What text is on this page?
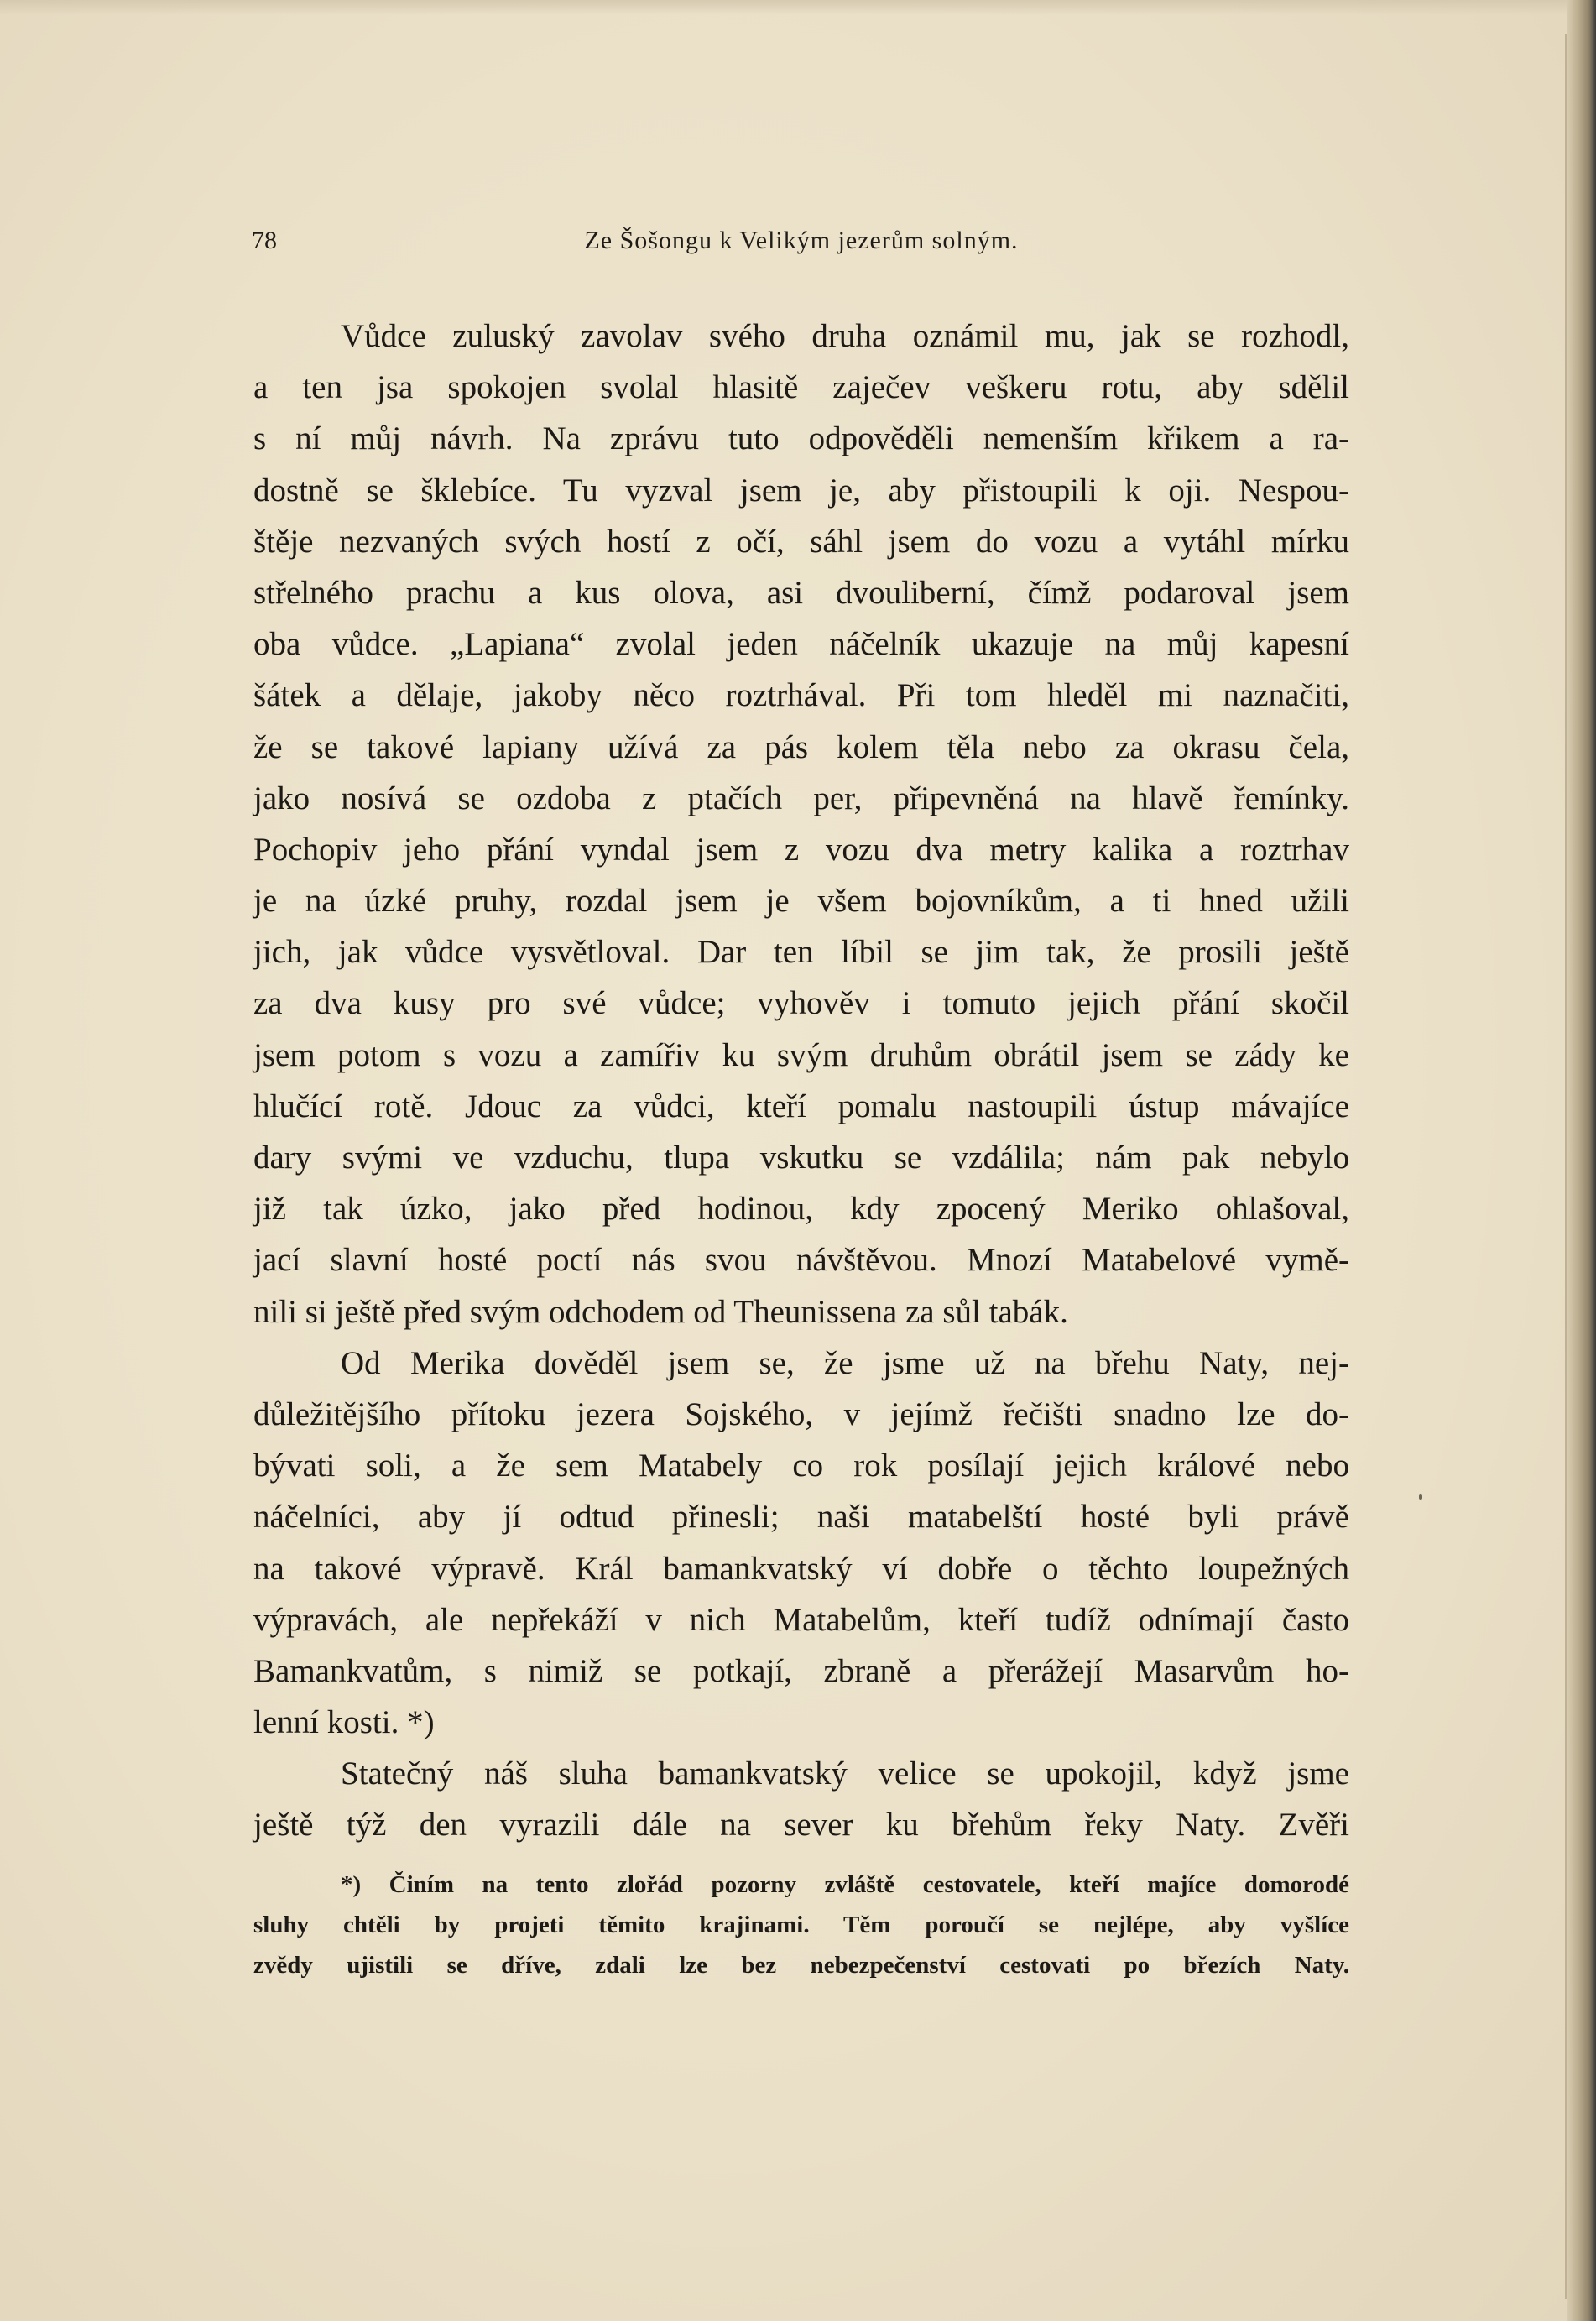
78	Ze Šošongu k Velikým jezerům solným.
Vůdce zuluský zavolav svého druha oznámil mu, jak se rozhodl,
a ten jsa spokojen svolal hlasitě zaječev veškeru rotu, aby sdělil
s ní můj návrh. Na zprávu tuto odpověděli nemenším křikem a ra-
dostně se šklebíce. Tu vyzval jsem je, aby přistoupili k oji. Nespou-
štěje nezvaných svých hostí z očí, sáhl jsem do vozu a vytáhl mírku
střelného prachu a kus olova, asi dvouliberní, čímž podaroval jsem
oba vůdce. „Lapiana“ zvolal jeden náčelník ukazuje na můj kapesní
šátek a dělaje, jakoby něco roztrhával. Při tom hleděl mi naznačiti,
že se takové lapiany užívá za pás kolem těla nebo za okrasu čela,
jako nosívá se ozdoba z ptačích per, připevněná na hlavě řemínky.
Pochopiv jeho přání vyndal jsem z vozu dva metry kalika a roztrhav
je na úzké pruhy, rozdal jsem je všem bojovníkům, a ti hned užili
jich, jak vůdce vysvětloval. Dar ten líbil se jim tak, že prosili ještě
za dva kusy pro své vůdce; vyhověv i tomuto jejich přání skočil
jsem potom s vozu a zamířiv ku svým druhům obrátil jsem se zády ke
hlučící rotě. Jdouc za vůdci, kteří pomalu nastoupili ústup mávajíce
dary svými ve vzduchu, tlupa vskutku se vzdálila; nám pak nebylo
již tak úzko, jako před hodinou, kdy zpocený Meriko ohlašoval,
jací slavní hosté poctí nás svou návštěvou. Mnozí Matabelové vymě-
nili si ještě před svým odchodem od Theunissena za sůl tabák.
Od Merika dověděl jsem se, že jsme už na břehu Naty, nej-
důležitějšího přítoku jezera Sojského, v jejímž řečišti snadno lze do-
bývati soli, a že sem Matabely co rok posílají jejich králové nebo
náčelníci, aby jí odtud přinesli; naši matabelští hosté byli právě
na takové výpravě. Král bamankvatský ví dobře o těchto loupežných
výpravách, ale nepřekáží v nich Matabelům, kteří tudíž odnímají často
Bamankvatům, s nimiž se potkají, zbraně a přerážejí Masarvům ho-
lenní kosti. *)
Statečný náš sluha bamankvatský velice se upokojil, když jsme
ještě týž den vyrazili dále na sever ku břehům řeky Naty. Zvěři
*) Činím na tento zlořád pozorny zvláště cestovatele, kteří majíce domorodé
sluhy chtěli by projeti těmito krajinami. Těm poroučí se nejlépe, aby vyšlíce
zvědy ujistili se dříve, zdali lze bez nebezpečenství cestovati po březích Naty.
